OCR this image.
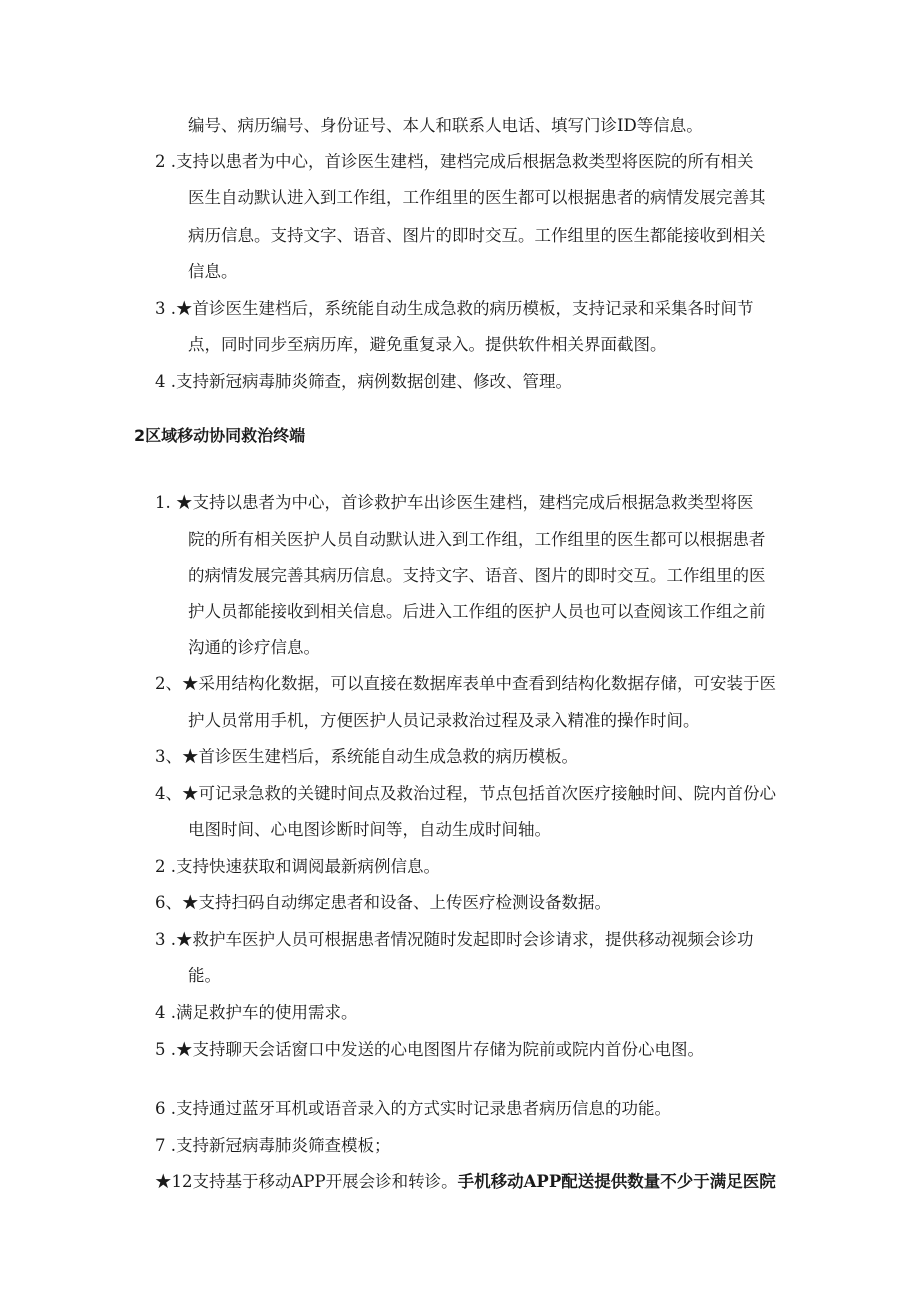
编号、病历编号、身份证号、本人和联系人电话、填写门诊ID等信息。
2 .支持以患者为中心，首诊医生建档，建档完成后根据急救类型将医院的所有相关
医生自动默认进入到工作组，工作组里的医生都可以根据患者的病情发展完善其
病历信息。支持文字、语音、图片的即时交互。工作组里的医生都能接收到相关
信息。
3 .★首诊医生建档后，系统能自动生成急救的病历模板，支持记录和采集各时间节
点，同时同步至病历库，避免重复录入。提供软件相关界面截图。
4 .支持新冠病毒肺炎筛查，病例数据创建、修改、管理。
2区域移动协同救治终端
1. ★支持以患者为中心，首诊救护车出诊医生建档，建档完成后根据急救类型将医
院的所有相关医护人员自动默认进入到工作组，工作组里的医生都可以根据患者
的病情发展完善其病历信息。支持文字、语音、图片的即时交互。工作组里的医
护人员都能接收到相关信息。后进入工作组的医护人员也可以查阅该工作组之前
沟通的诊疗信息。
2、★采用结构化数据，可以直接在数据库表单中查看到结构化数据存储，可安装于医
护人员常用手机，方便医护人员记录救治过程及录入精准的操作时间。
3、★首诊医生建档后，系统能自动生成急救的病历模板。
4、★可记录急救的关键时间点及救治过程，节点包括首次医疗接触时间、院内首份心
电图时间、心电图诊断时间等，自动生成时间轴。
2 .支持快速获取和调阅最新病例信息。
6、★支持扫码自动绑定患者和设备、上传医疗检测设备数据。
3 .★救护车医护人员可根据患者情况随时发起即时会诊请求，提供移动视频会诊功
能。
4 .满足救护车的使用需求。
5 .★支持聊天会话窗口中发送的心电图图片存储为院前或院内首份心电图。
6 .支持通过蓝牙耳机或语音录入的方式实时记录患者病历信息的功能。
7 .支持新冠病毒肺炎筛查模板；
★12支持基于移动APP开展会诊和转诊。手机移动APP配送提供数量不少于满足医院
